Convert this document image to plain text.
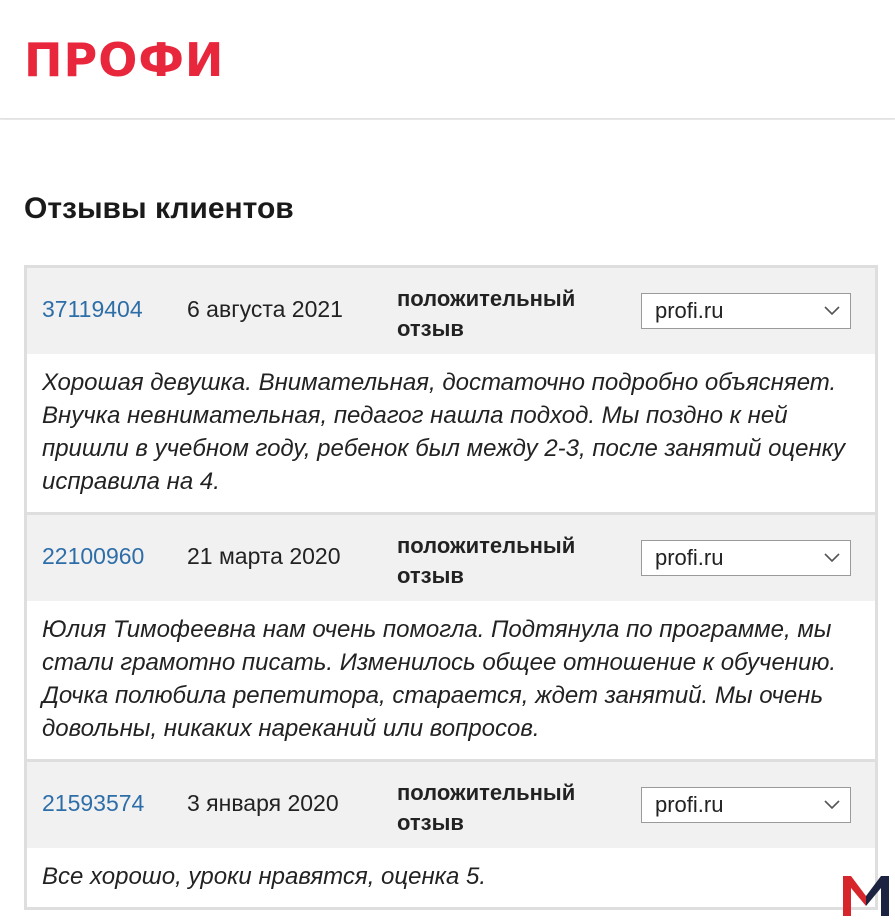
ПРОФИ
Отзывы клиентов
37119404 6 августа 2021 положительный
отзыв
profi.ru
Хорошая девушка. Внимательная, достаточно подробно объясняет. Внучка невнимательная, педагог нашла подход. Мы поздно к ней пришли в учебном году, ребенок был между 2-3, после занятий оценку исправила на 4.
22100960 21 марта 2020	положительный
отзыв
profi.ru
Юлия Тимофеевна нам очень помогла. Подтянула по программе, мы стали грамотно писать. Изменилось общее отношение к обучению. Дочка полюбила репетитора, старается, ждет занятий. Мы очень довольны, никаких нареканий или вопросов.
21593574 3 января 2020	положительный
отзыв
profi.ru
Все хорошо, уроки нравятся, оценка 5.
